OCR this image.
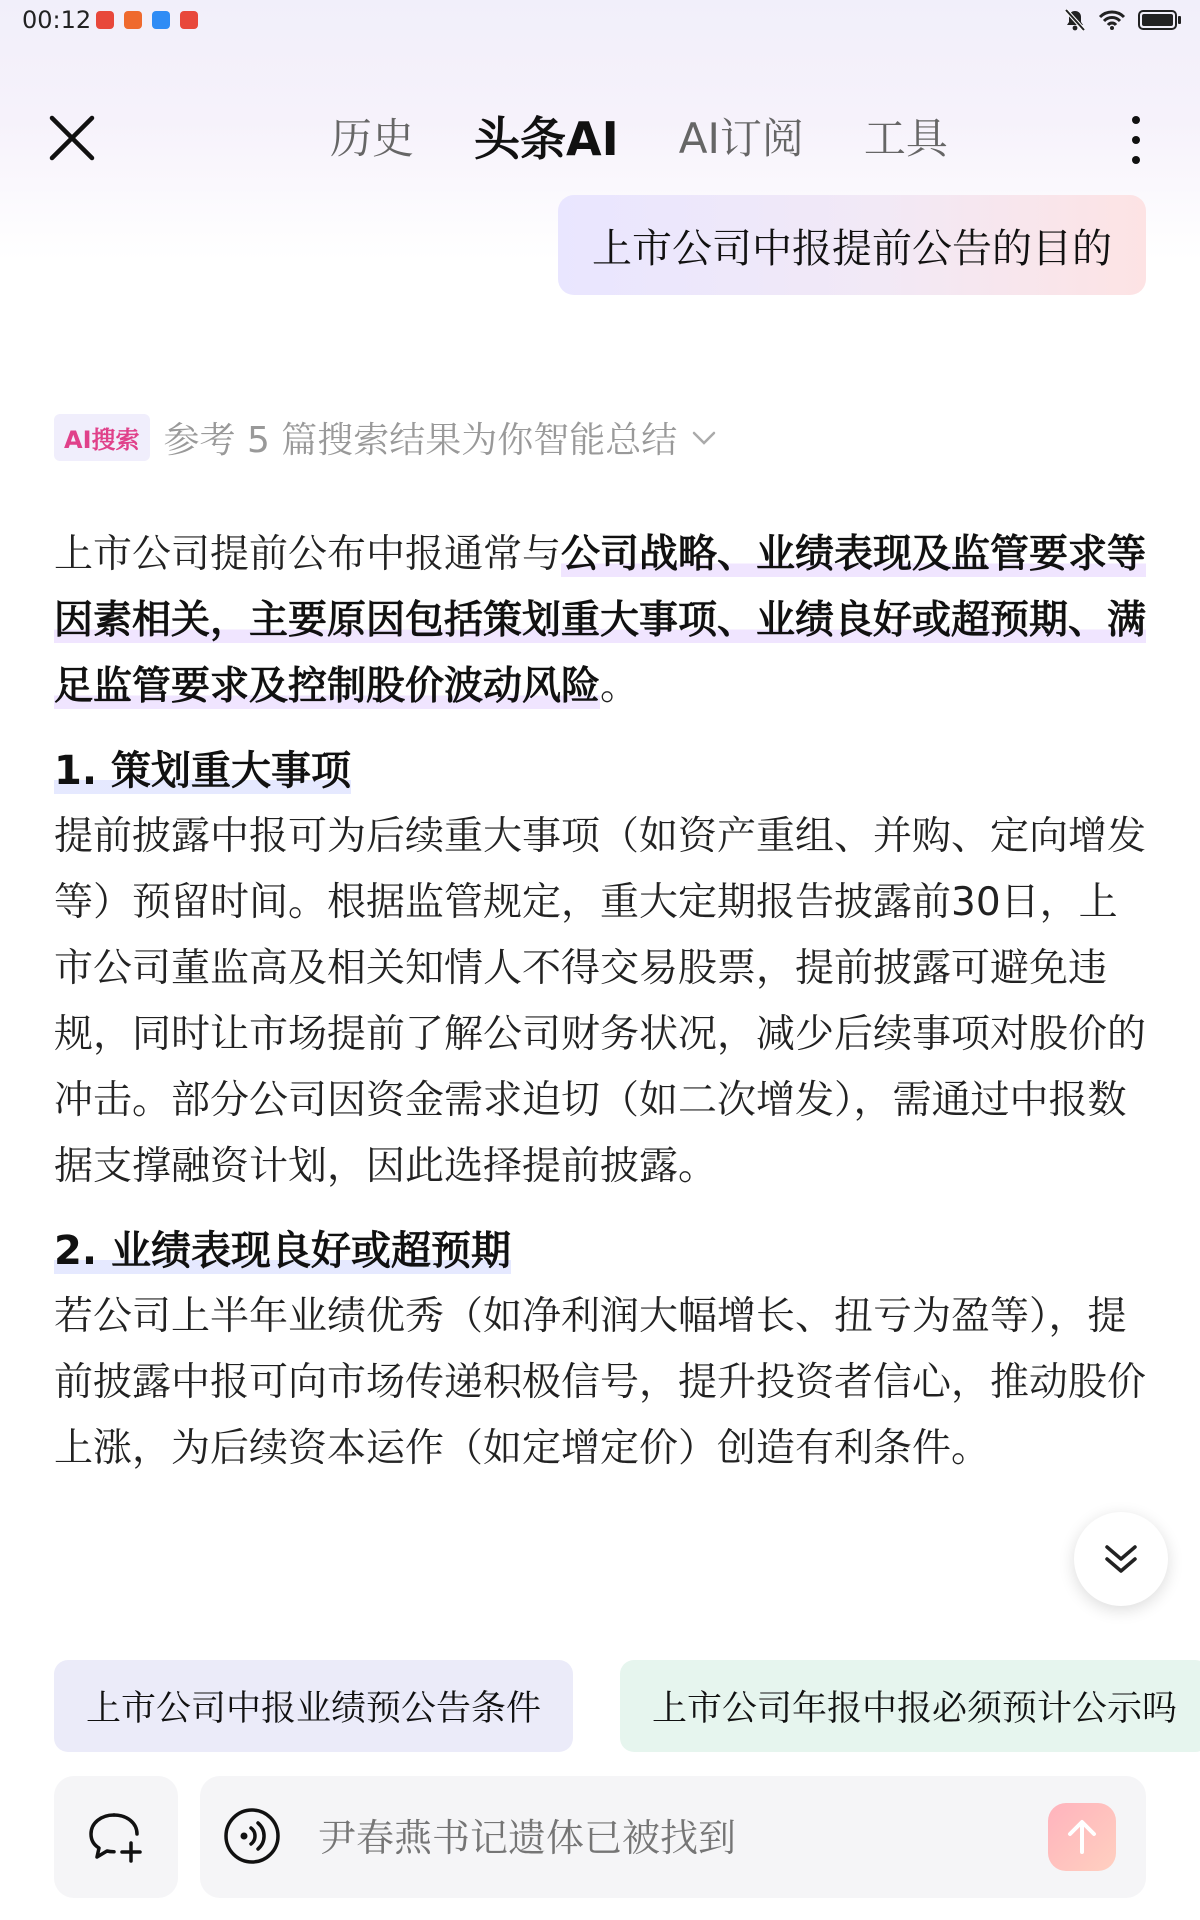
00:12
历史 头条AI AI订阅 工具
上市公司中报提前公告的目的
AI搜索 参考 5 篇搜索结果为你智能总结

上市公司提前公布中报通常与公司战略、业绩表现及监管要求等因素相关，主要原因包括策划重大事项、业绩良好或超预期、满足监管要求及控制股价波动风险。

1. 策划重大事项

提前披露中报可为后续重大事项（如资产重组、并购、定向增发等）预留时间。根据监管规定，重大定期报告披露前30日，上市公司董监高及相关知情人不得交易股票，提前披露可避免违规，同时让市场提前了解公司财务状况，减少后续事项对股价的冲击。部分公司因资金需求迫切（如二次增发），需通过中报数据支撑融资计划，因此选择提前披露。

2. 业绩表现良好或超预期

若公司上半年业绩优秀（如净利润大幅增长、扭亏为盈等），提前披露中报可向市场传递积极信号，提升投资者信心，推动股价上涨，为后续资本运作（如定增定价）创造有利条件。

上市公司中报业绩预公告条件	上市公司年报中报必须预计公示吗
尹春燕书记遗体已被找到
